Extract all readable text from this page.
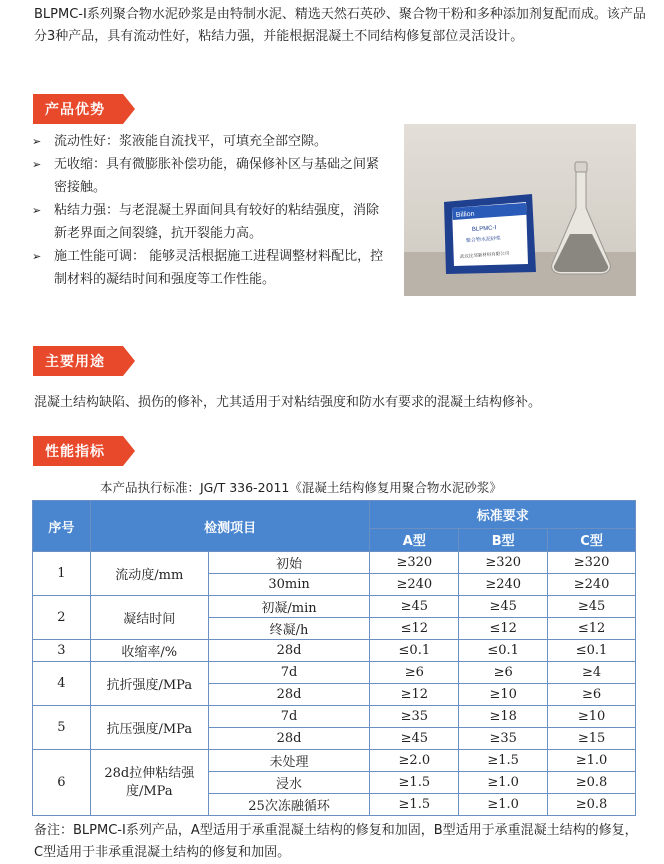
BLPMC-Ⅰ系列聚合物水泥砂浆是由特制水泥、精选天然石英砂、聚合物干粉和多种添加剂复配而成。该产品分3种产品，具有流动性好，粘结力强，并能根据混凝土不同结构修复部位灵活设计。
产品优势
➢ 流动性好：浆液能自流找平，可填充全部空隙。
➢ 无收缩：具有微膨胀补偿功能，确保修补区与基础之间紧密接触。
➢ 粘结力强：与老混凝土界面间具有较好的粘结强度，消除新老界面之间裂缝，抗开裂能力高。
➢ 施工性能可调： 能够灵活根据施工进程调整材料配比，控制材料的凝结时间和强度等工作性能。
Billion
BLPMC-Ⅰ
聚合物水泥砂浆
武汉比邻新材料有限公司
主要用途
混凝土结构缺陷、损伤的修补，尤其适用于对粘结强度和防水有要求的混凝土结构修补。
性能指标
本产品执行标准：JG/T 336-2011《混凝土结构修复用聚合物水泥砂浆》
序号	检测项目		标准要求		
			A型	B型	C型
1	流动度/mm	初始	≥320	≥320	≥320
		30min	≥240	≥240	≥240
2	凝结时间	初凝/min	≥45	≥45	≥45
		终凝/h	≤12	≤12	≤12
3	收缩率/%	28d	≤0.1	≤0.1	≤0.1
4	抗折强度/MPa	7d	≥6	≥6	≥4
		28d	≥12	≥10	≥6
5	抗压强度/MPa	7d	≥35	≥18	≥10
		28d	≥45	≥35	≥15
6	28d拉伸粘结强度/MPa	未处理	≥2.0	≥1.5	≥1.0
		浸水	≥1.5	≥1.0	≥0.8
		25次冻融循环	≥1.5	≥1.0	≥0.8
备注：BLPMC-Ⅰ系列产品，A型适用于承重混凝土结构的修复和加固，B型适用于承重混凝土结构的修复，C型适用于非承重混凝土结构的修复和加固。
